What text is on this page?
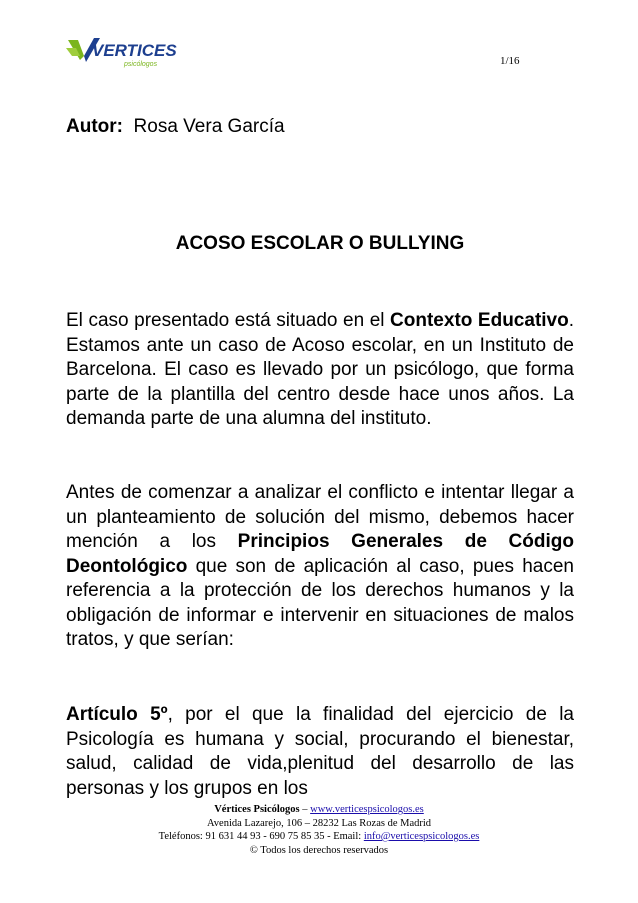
VERTICES
psicólogos	1/16
Autor: Rosa Vera García
ACOSO ESCOLAR O BULLYING

El caso presentado está situado en el Contexto Educativo. Estamos ante un caso de Acoso escolar, en un Instituto de Barcelona. El caso es llevado por un psicólogo, que forma parte de la plantilla del centro desde hace unos años. La demanda parte de una alumna del instituto.

Antes de comenzar a analizar el conflicto e intentar llegar a un planteamiento de solución del mismo, debemos hacer mención a los Principios Generales de Código Deontológico que son de aplicación al caso, pues hacen referencia a la protección de los derechos humanos y la obligación de informar e intervenir en situaciones de malos tratos, y que serían:

Artículo 5º, por el que la finalidad del ejercicio de la Psicología es humana y social, procurando el bienestar, salud, calidad de vida,plenitud del desarrollo de las personas y los grupos en los

Vértices Psicólogos – www.verticespsicologos.es
Avenida Lazarejo, 106 – 28232 Las Rozas de Madrid
Teléfonos: 91 631 44 93 - 690 75 85 35 - Email: info@verticespsicologos.es
© Todos los derechos reservados
